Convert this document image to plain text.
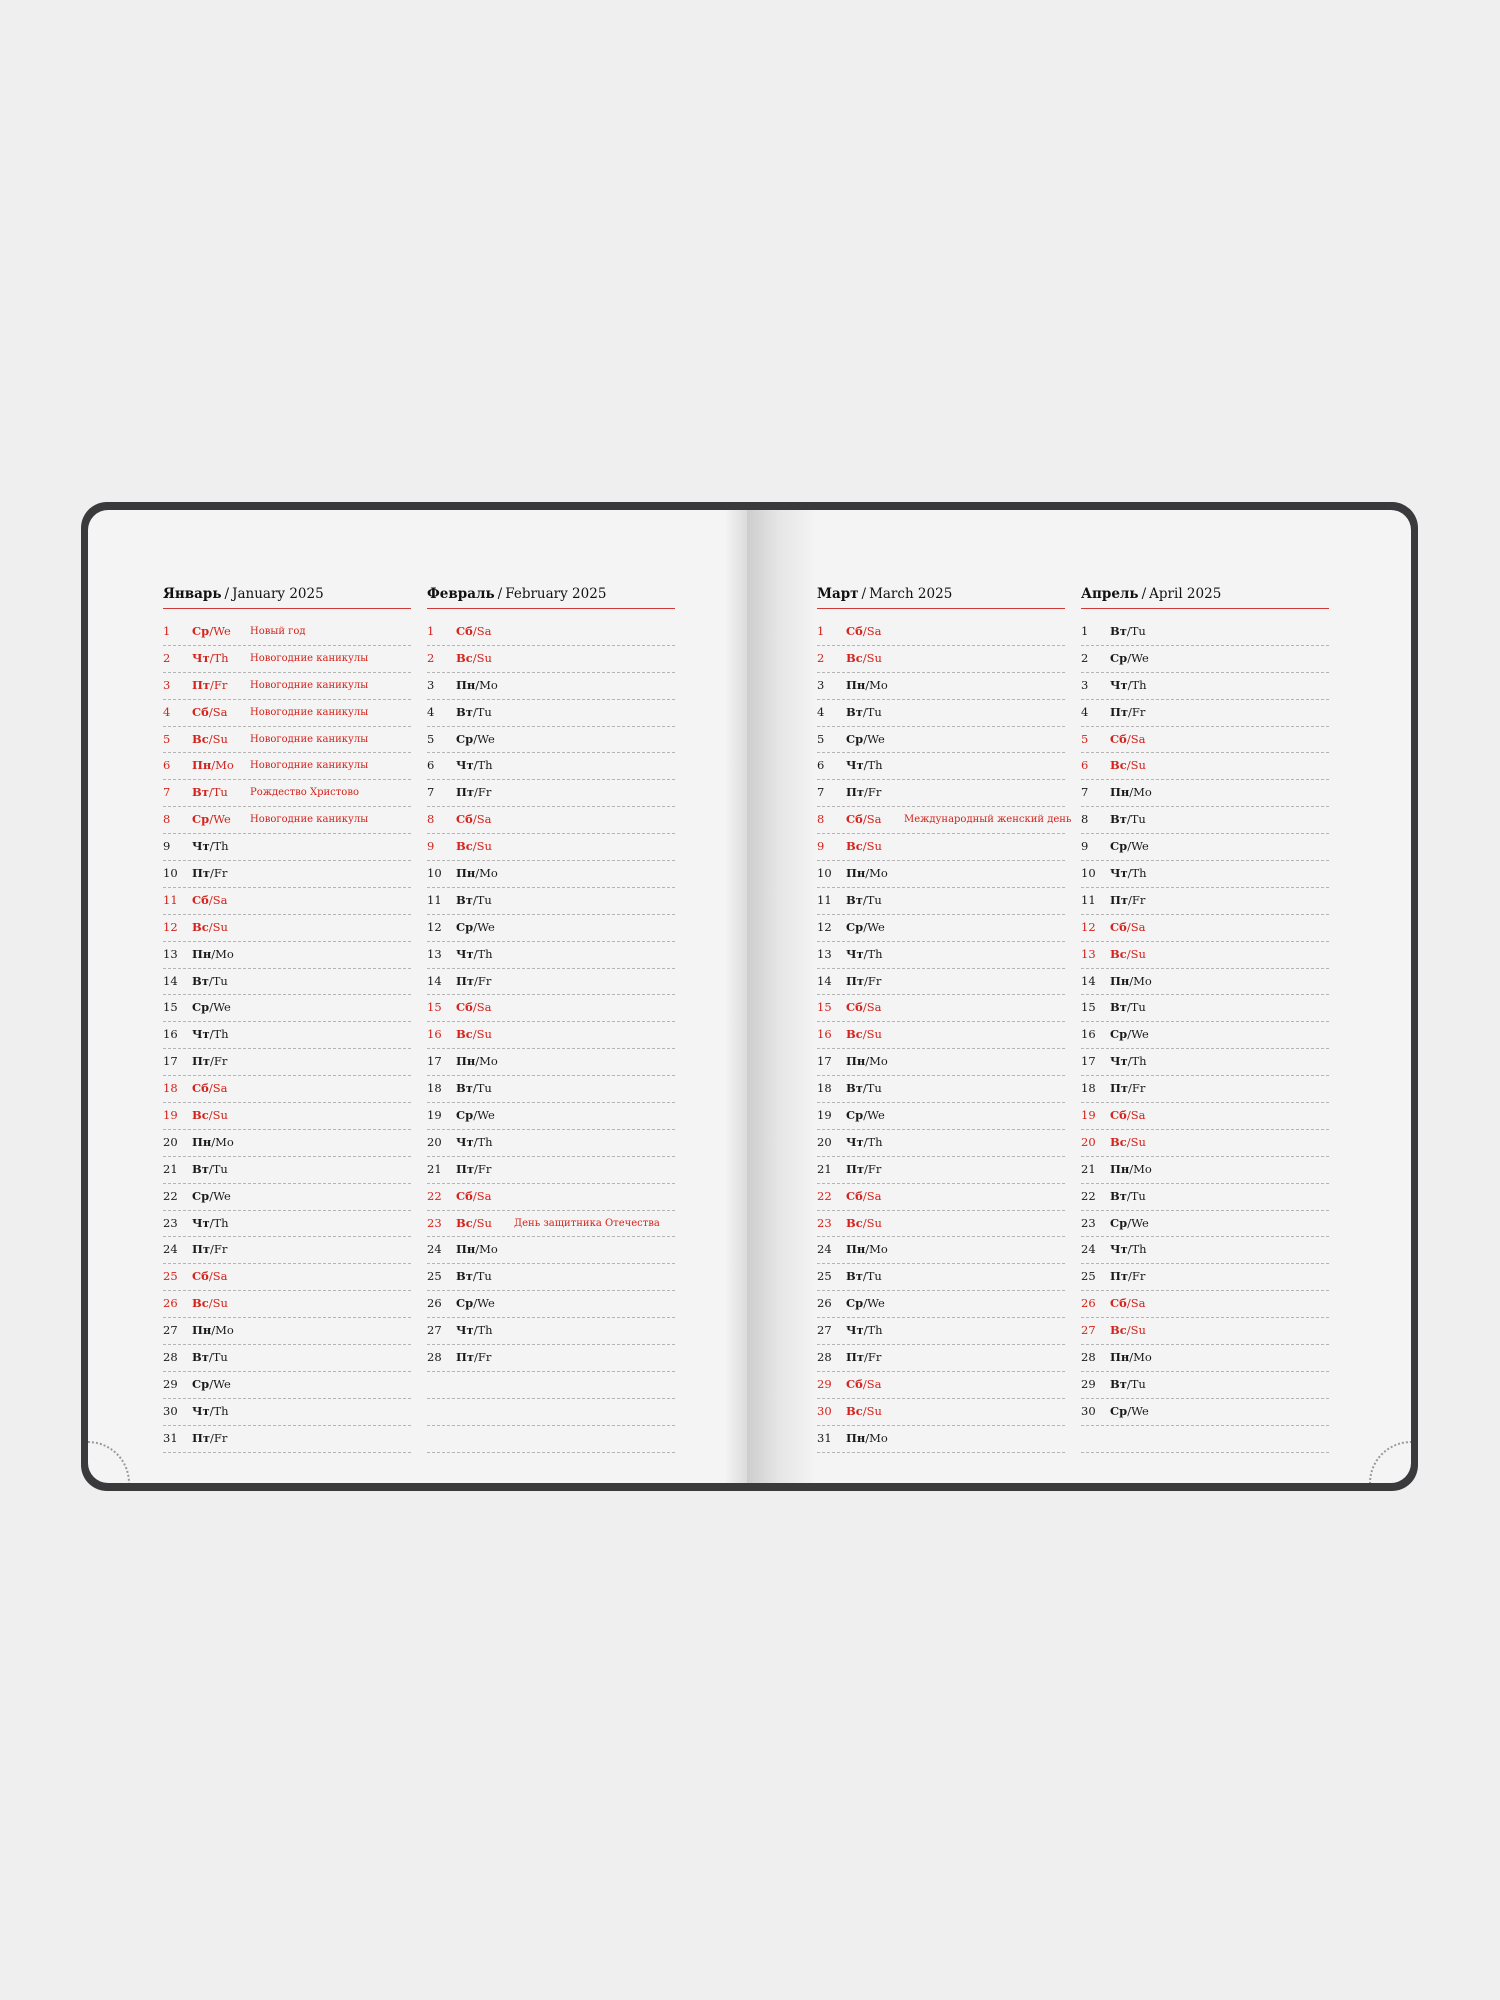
Январь / January 2025
1	Ср/We Новый год
2	Чт/Th Новогодние каникулы
3	Пт/Fr Новогодние каникулы
4	Сб/Sa Новогодние каникулы
5	Вс/Su Новогодние каникулы
6	Пн/Mo Новогодние каникулы
7	Вт/Tu Рождество Христово
8	Ср/We Новогодние каникулы
9	Чт/Th
10	Пт/Fr
11	Сб/Sa
12	Вс/Su
13	Пн/Mo
14	Вт/Tu
15	Ср/We
16	Чт/Th
17	Пт/Fr
18	Сб/Sa
19	Вс/Su
20	Пн/Mo
21	Вт/Tu
22	Ср/We
23	Чт/Th
24	Пт/Fr
25	Сб/Sa
26	Вс/Su
27	Пн/Mo
28	Вт/Tu
29	Ср/We
30	Чт/Th
31	Пт/Fr
Февраль / February 2025
1	Сб/Sa
2	Вс/Su
3	Пн/Mo
4	Вт/Tu
5	Ср/We
6	Чт/Th
7	Пт/Fr
8	Сб/Sa
9	Вс/Su
10	Пн/Mo
11	Вт/Tu
12	Ср/We
13	Чт/Th
14	Пт/Fr
15	Сб/Sa
16	Вс/Su
17	Пн/Mo
18	Вт/Tu
19	Ср/We
20	Чт/Th
21	Пт/Fr
22	Сб/Sa
23	Вс/Su День защитника Отечества
24	Пн/Mo
25	Вт/Tu
26	Ср/We
27	Чт/Th
28	Пт/Fr
Март / March 2025
1	Сб/Sa
2	Вс/Su
3	Пн/Mo
4	Вт/Tu
5	Ср/We
6	Чт/Th
7	Пт/Fr
8	Сб/Sa Международный женский день
9	Вс/Su
10	Пн/Mo
11	Вт/Tu
12	Ср/We
13	Чт/Th
14	Пт/Fr
15	Сб/Sa
16	Вс/Su
17	Пн/Mo
18	Вт/Tu
19	Ср/We
20	Чт/Th
21	Пт/Fr
22	Сб/Sa
23	Вс/Su
24	Пн/Mo
25	Вт/Tu
26	Ср/We
27	Чт/Th
28	Пт/Fr
29	Сб/Sa
30	Вс/Su
31	Пн/Mo
Апрель / April 2025
1	Вт/Tu
2	Ср/We
3	Чт/Th
4	Пт/Fr
5	Сб/Sa
6	Вс/Su
7	Пн/Mo
8	Вт/Tu
9	Ср/We
10	Чт/Th
11	Пт/Fr
12	Сб/Sa
13	Вс/Su
14	Пн/Mo
15	Вт/Tu
16	Ср/We
17	Чт/Th
18	Пт/Fr
19	Сб/Sa
20	Вс/Su
21	Пн/Mo
22	Вт/Tu
23	Ср/We
24	Чт/Th
25	Пт/Fr
26	Сб/Sa
27	Вс/Su
28	Пн/Mo
29	Вт/Tu
30	Ср/We
